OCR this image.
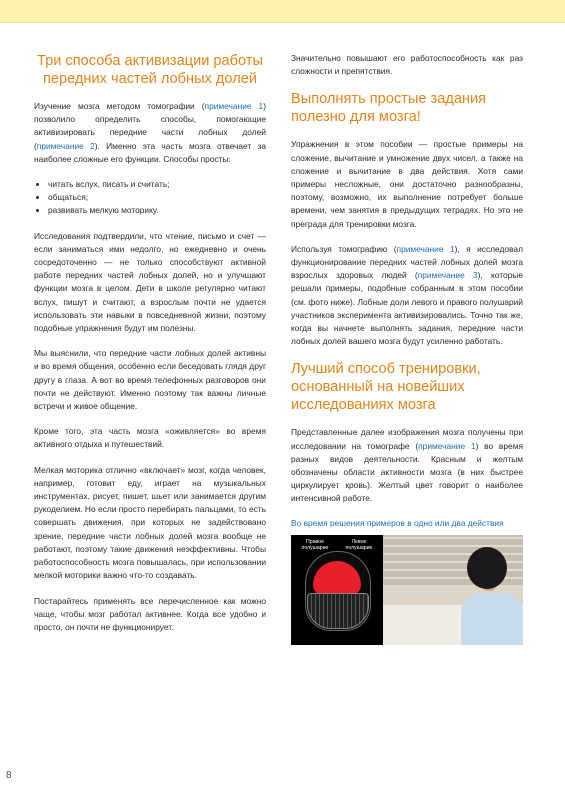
Три способа активизации работы передних частей лобных долей

Изучение мозга методом томографии (примечание 1) позволило определить способы, помогающие активизировать передние части лобных долей (примечание 2). Именно эта часть мозга отвечает за наиболее сложные его функции. Способы просты:

• читать вслух, писать и считать;
• общаться;
• развивать мелкую моторику.

Исследования подтвердили, что чтение, письмо и счет — если заниматься ими недолго, но ежедневно и очень сосредоточенно — не только способствуют активной работе передних частей лобных долей, но и улучшают функции мозга в целом. Дети в школе регулярно читают вслух, пишут и считают, а взрослым почти не удается использовать эти навыки в повседневной жизни, поэтому подобные упражнения будут им полезны.

Мы выяснили, что передние части лобных долей активны и во время общения, особенно если беседовать глядя друг другу в глаза. А вот во время телефонных разговоров они почти не действуют. Именно поэтому так важны личные встречи и живое общение.

Кроме того, эта часть мозга «оживляется» во время активного отдыха и путешествий.

Мелкая моторика отлично «включает» мозг, когда человек, например, готовит еду, играет на музыкальных инструментах, рисует, пишет, шьет или занимается другим рукоделием. Но если просто перебирать пальцами, то есть совершать движения, при которых не задействовано зрение, передние части лобных долей мозга вообще не работают, поэтому такие движения неэффективны. Чтобы работоспособность мозга повышалась, при использовании мелкой моторики важно что-то создавать.

Постарайтесь применять все перечисленное как можно чаще, чтобы мозг работал активнее. Когда все удобно и просто, он почти не функционирует.

Значительно повышают его работоспособность как раз сложности и препятствия.

Выполнять простые задания полезно для мозга!

Упражнения в этом пособии — простые примеры на сложение, вычитание и умножение двух чисел, а также на сложение и вычитание в два действия. Хотя сами примеры несложные, они достаточно разнообразны, поэтому, возможно, их выполнение потребует больше времени, чем занятия в предыдущих тетрадях. Но это не преграда для тренировки мозга.

Используя томографию (примечание 1), я исследовал функционирование передних частей лобных долей мозга взрослых здоровых людей (примечание 3), которые решали примеры, подобные собранным в этом пособии (см. фото ниже). Лобные доли левого и правого полушарий участников эксперимента активизировались. Точно так же, когда вы начнете выполнять задания, передние части лобных долей вашего мозга будут усиленно работать.

Лучший способ тренировки, основанный на новейших исследованиях мозга

Представленные далее изображения мозга получены при исследовании на томографе (примечание 1) во время разных видов деятельности. Красным и желтым обозначены области активности мозга (в них быстрее циркулирует кровь). Желтый цвет говорит о наиболее интенсивной работе.

Во время решения примеров в одно или два действия
Правое полушарие
Левое полушарие
8
